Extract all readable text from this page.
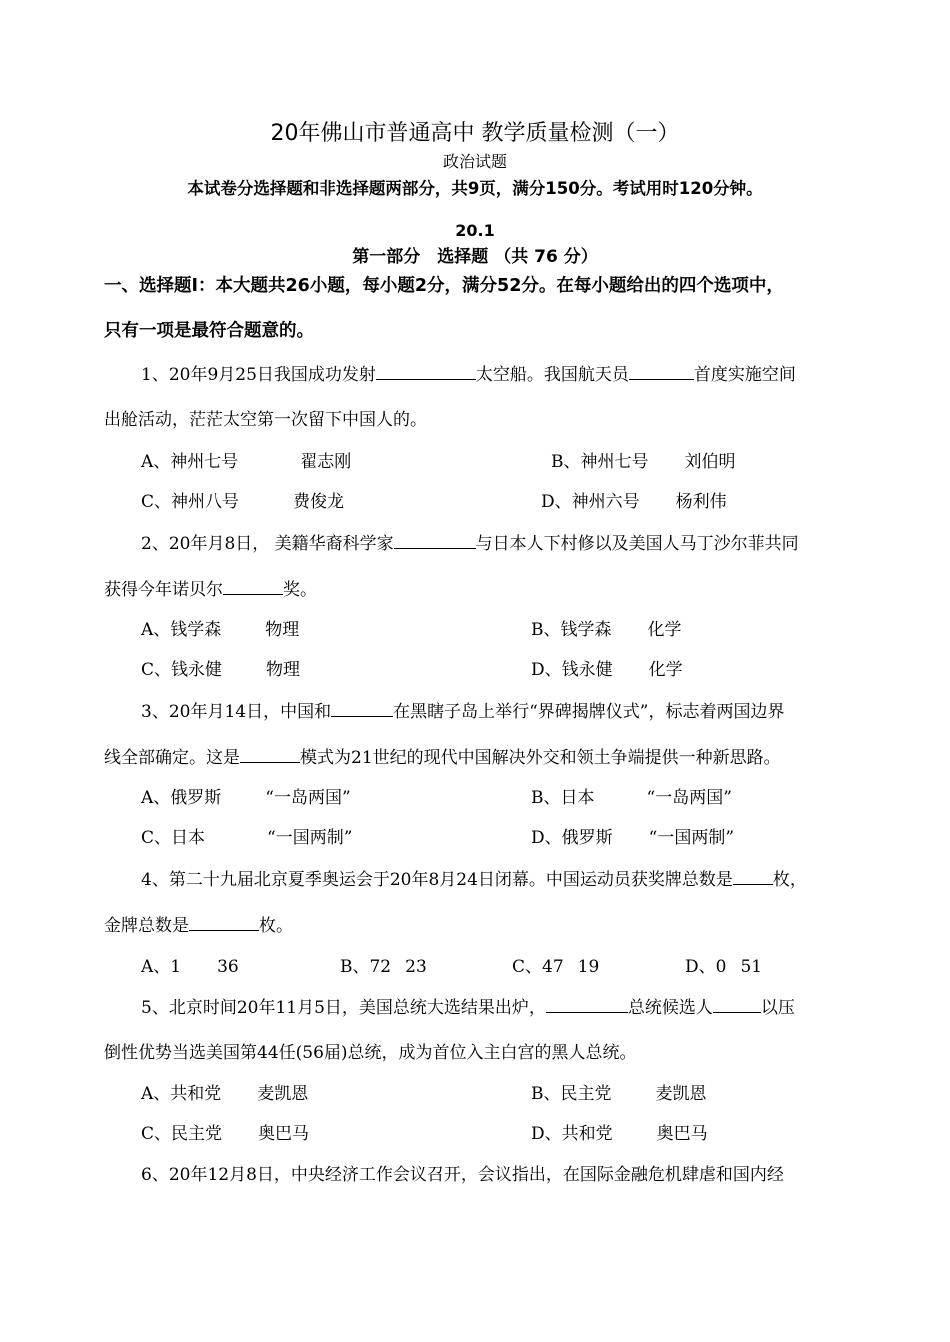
20年佛山市普通高中 教学质量检测（一）
政治试题
本试卷分选择题和非选择题两部分，共9页，满分150分。考试用时120分钟。
20.1
第一部分　选择题 （共 76 分）
一、选择题Ⅰ：本大题共26小题，每小题2分，满分52分。在每小题给出的四个选项中，
只有一项是最符合题意的。
1、20年9月25日我国成功发射	太空船。我国航天员	首度实施空间
出舱活动，茫茫太空第一次留下中国人的。
A、神州七号	翟志刚	B、神州七号 刘伯明
C、神州八号	费俊龙	D、神州六号 杨利伟
2、20年月8日， 美籍华裔科学家	与日本人下村修以及美国人马丁沙尔菲共同
获得今年诺贝尔	奖。
A、钱学森	物理	B、钱学森 化学
C、钱永健	物理	D、钱永健 化学
3、20年月14日，中国和	在黑瞎子岛上举行“界碑揭牌仪式”，标志着两国边界
线全部确定。这是	模式为21世纪的现代中国解决外交和领土争端提供一种新思路。
A、俄罗斯	“一岛两国”	B、日本	“一岛两国”
C、日本	“一国两制”	D、俄罗斯 “一国两制”
4、第二十九届北京夏季奥运会于20年8月24日闭幕。中国运动员获奖牌总数是 枚，
金牌总数是	枚。
A、1 36	B、72 23	C、47 19	D、0 51
5、北京时间20年11月5日，美国总统大选结果出炉，	总统候选人	以压
倒性优势当选美国第44任(56届)总统，成为首位入主白宫的黑人总统。
A、共和党 麦凯恩	B、民主党	麦凯恩
C、民主党 奥巴马	D、共和党	奥巴马
6、20年12月8日，中央经济工作会议召开，会议指出，在国际金融危机肆虐和国内经
